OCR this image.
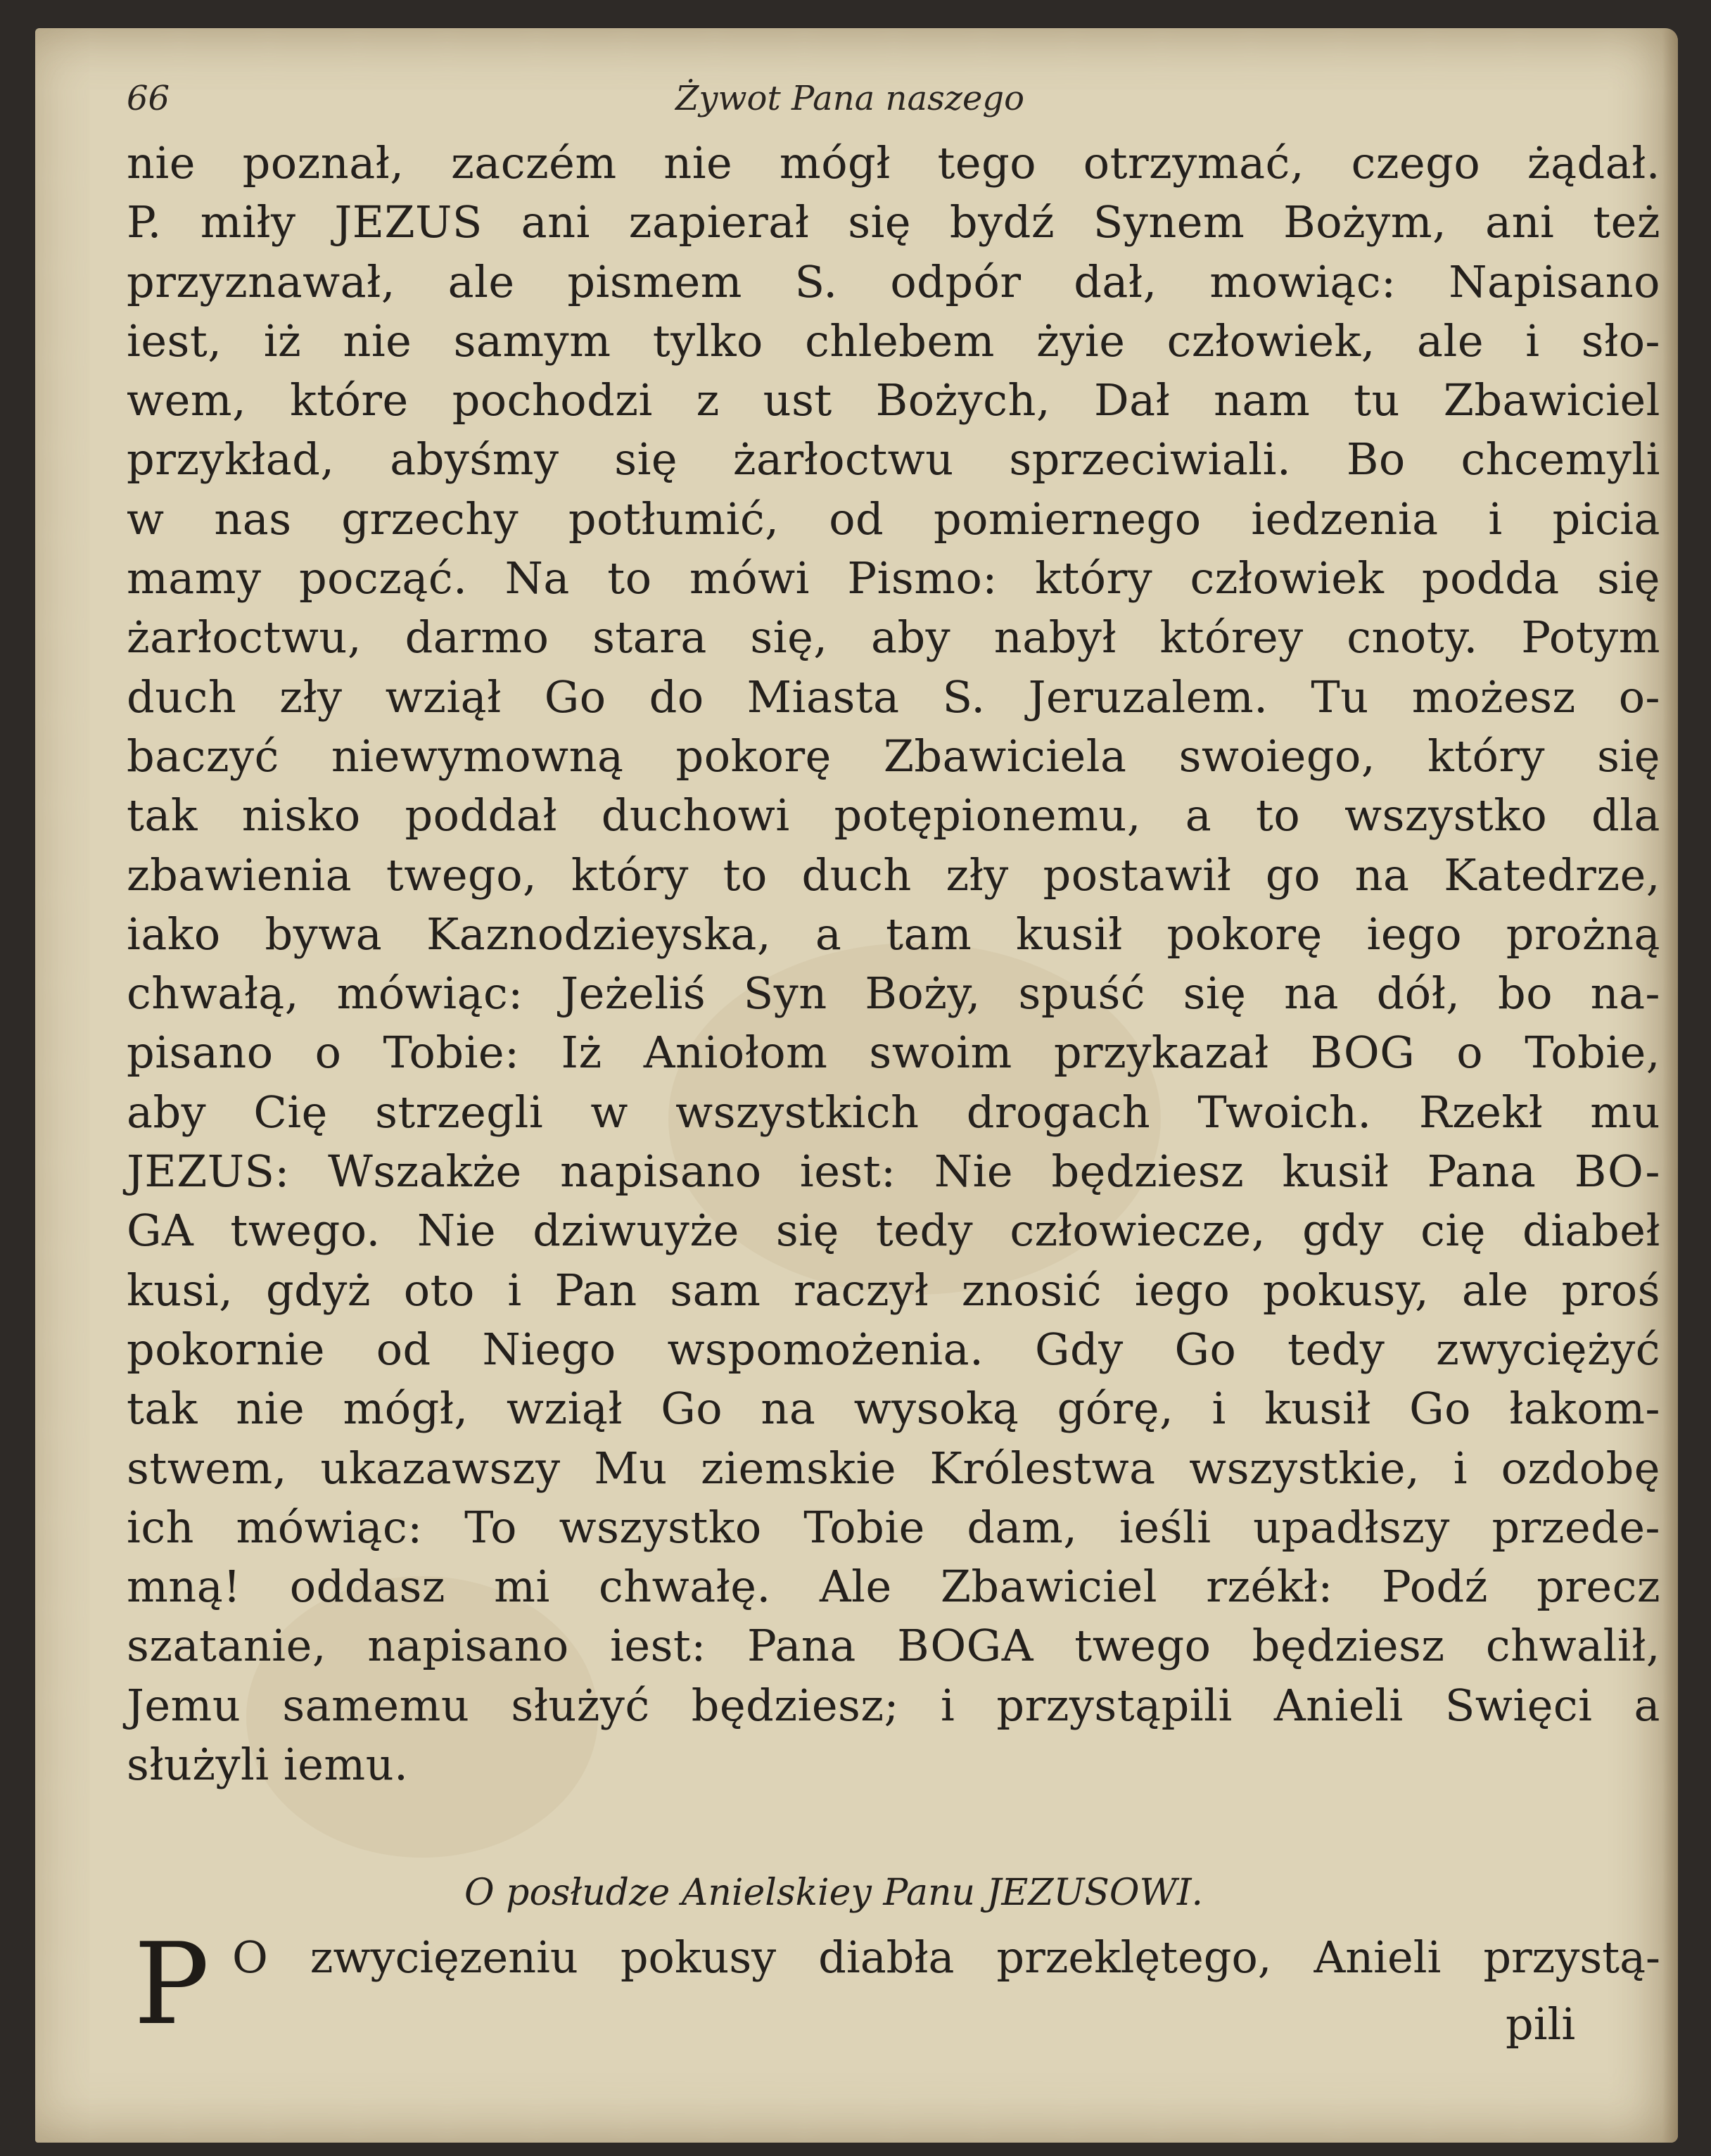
66	Żywot Pana naszego
nie poznał, zaczém nie mógł tego otrzymać, czego żądał.
P. miły JEZUS ani zapierał się bydź Synem Bożym, ani też
przyznawał, ale pismem S. odpór dał, mowiąc: Napisano
iest, iż nie samym tylko chlebem żyie człowiek, ale i sło-
wem, które pochodzi z ust Bożych, Dał nam tu Zbawiciel
przykład, abyśmy się żarłoctwu sprzeciwiali. Bo chcemyli
w nas grzechy potłumić, od pomiernego iedzenia i picia
mamy począć. Na to mówi Pismo: który człowiek podda się
żarłoctwu, darmo stara się, aby nabył którey cnoty. Potym
duch zły wziął Go do Miasta S. Jeruzalem. Tu możesz o-
baczyć niewymowną pokorę Zbawiciela swoiego, który się
tak nisko poddał duchowi potępionemu, a to wszystko dla
zbawienia twego, który to duch zły postawił go na Katedrze,
iako bywa Kaznodzieyska, a tam kusił pokorę iego prożną
chwałą, mówiąc: Jeżeliś Syn Boży, spuść się na dół, bo na-
pisano o Tobie: Iż Aniołom swoim przykazał BOG o Tobie,
aby Cię strzegli w wszystkich drogach Twoich. Rzekł mu
JEZUS: Wszakże napisano iest: Nie będziesz kusił Pana BO-
GA twego. Nie dziwuyże się tedy człowiecze, gdy cię diabeł
kusi, gdyż oto i Pan sam raczył znosić iego pokusy, ale proś
pokornie od Niego wspomożenia. Gdy Go tedy zwyciężyć
tak nie mógł, wziął Go na wysoką górę, i kusił Go łakom-
stwem, ukazawszy Mu ziemskie Królestwa wszystkie, i ozdobę
ich mówiąc: To wszystko Tobie dam, ieśli upadłszy przede-
mną! oddasz mi chwałę. Ale Zbawiciel rzékł: Podź precz
szatanie, napisano iest: Pana BOGA twego będziesz chwalił,
Jemu samemu służyć będziesz; i przystąpili Anieli Swięci a
służyli iemu.
O posłudze Anielskiey Panu JEZUSOWI.
P O zwycięzeniu pokusy diabła przeklętego, Anieli przystą-
pili
